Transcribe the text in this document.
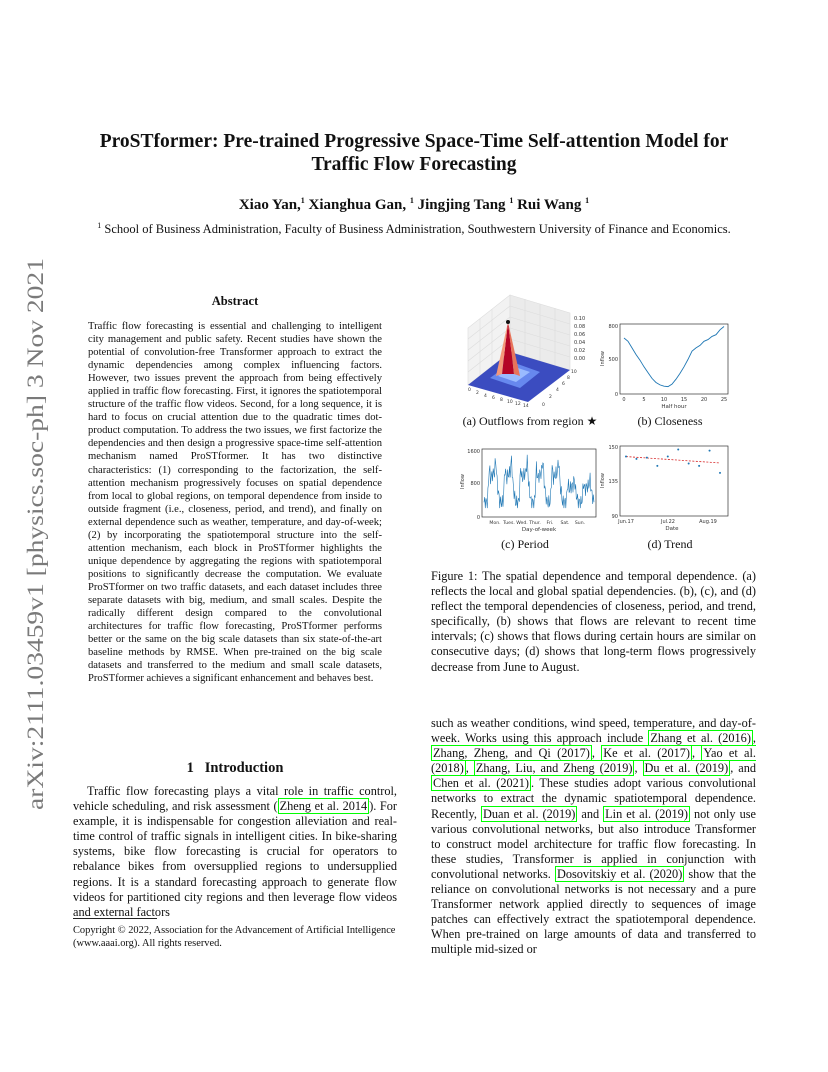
ProSTformer: Pre-trained Progressive Space-Time Self-attention Model for
Traffic Flow Forecasting
Xiao Yan,$^1$ Xianghua Gan, $^1$ Jingjing Tang $^1$ Rui Wang $^1$
$^1$ School of Business Administration, Faculty of Business Administration, Southwestern University of Finance and Economics.
arXiv:2111.03459v1 [physics.soc-ph] 3 Nov 2021
Abstract
Traffic flow forecasting is essential and challenging to intelligent city management and public safety. Recent studies have shown the potential of convolution-free Transformer approach to extract the dynamic dependencies among complex influencing factors. However, two issues prevent the approach from being effectively applied in traffic flow forecasting. First, it ignores the spatiotemporal structure of the traffic flow videos. Second, for a long sequence, it is hard to focus on crucial attention due to the quadratic times dot-product computation. To address the two issues, we first factorize the dependencies and then design a progressive space-time self-attention mechanism named ProSTformer. It has two distinctive characteristics: (1) corresponding to the factorization, the self-attention mechanism progressively focuses on spatial dependence from local to global regions, on temporal dependence from inside to outside fragment (i.e., closeness, period, and trend), and finally on external dependence such as weather, temperature, and day-of-week; (2) by incorporating the spatiotemporal structure into the self-attention mechanism, each block in ProSTformer highlights the unique dependence by aggregating the regions with spatiotemporal positions to significantly decrease the computation. We evaluate ProSTformer on two traffic datasets, and each dataset includes three separate datasets with big, medium, and small scales. Despite the radically different design compared to the convolutional architectures for traffic flow forecasting, ProSTformer performs better or the same on the big scale datasets than six state-of-the-art baseline methods by RMSE. When pre-trained on the big scale datasets and transferred to the medium and small scale datasets, ProSTformer achieves a significant enhancement and behaves best.
1 Introduction
Traffic flow forecasting plays a vital role in traffic control, vehicle scheduling, and risk assessment ( Zheng et al. 2014 ). For example, it is indispensable for congestion alleviation and real-time control of traffic signals in intelligent cities. In bike-sharing systems, bike flow forecasting is crucial for operators to rebalance bikes from oversupplied regions to undersupplied regions. It is a standard forecasting approach to generate flow videos for partitioned city regions and then leverage flow videos and external factors
Copyright © 2022, Association for the Advancement of Artificial Intelligence (www.aaai.org). All rights reserved.
0.10
0.08
0.06
0.04
0.02
0.00
0
2
4 6 8 10 12 14	0
2
4
6
8
10
(a) Outflows from region ★
Inflow
Half hour
800
500
0
0	5	10	15	20	25
(b) Closeness
Inflow
Day-of-week
1600
800
0
Mon. Tues. Wed. Thur. Fri. Sat. Sun.
(c) Period
Inflow
Date
150
135
90
Jun.17	Jul.22	Aug.19
(d) Trend
Figure 1: The spatial dependence and temporal dependence. (a) reflects the local and global spatial dependencies. (b), (c), and (d) reflect the temporal dependencies of closeness, period, and trend, specifically, (b) shows that flows are relevant to recent time intervals; (c) shows that flows during certain hours are similar on consecutive days; (d) shows that long-term flows progressively decrease from June to August.
such as weather conditions, wind speed, temperature, and day-of-week. Works using this approach include Zhang et al. (2016) , Zhang, Zheng, and Qi (2017) , Ke et al. (2017) , Yao et al. (2018) , Zhang, Liu, and Zheng (2019) , Du et al. (2019) , and Chen et al. (2021) . These studies adopt various convolutional networks to extract the dynamic spatiotemporal dependence. Recently, Duan et al. (2019) and Lin et al. (2019) not only use various convolutional networks, but also introduce Transformer to construct model architecture for traffic flow forecasting. In these studies, Transformer is applied in conjunction with convolutional networks. Dosovitskiy et al. (2020) show that the reliance on convolutional networks is not necessary and a pure Transformer network applied directly to sequences of image patches can effectively extract the spatiotemporal dependence. When pre-trained on large amounts of data and transferred to multiple mid-sized or
